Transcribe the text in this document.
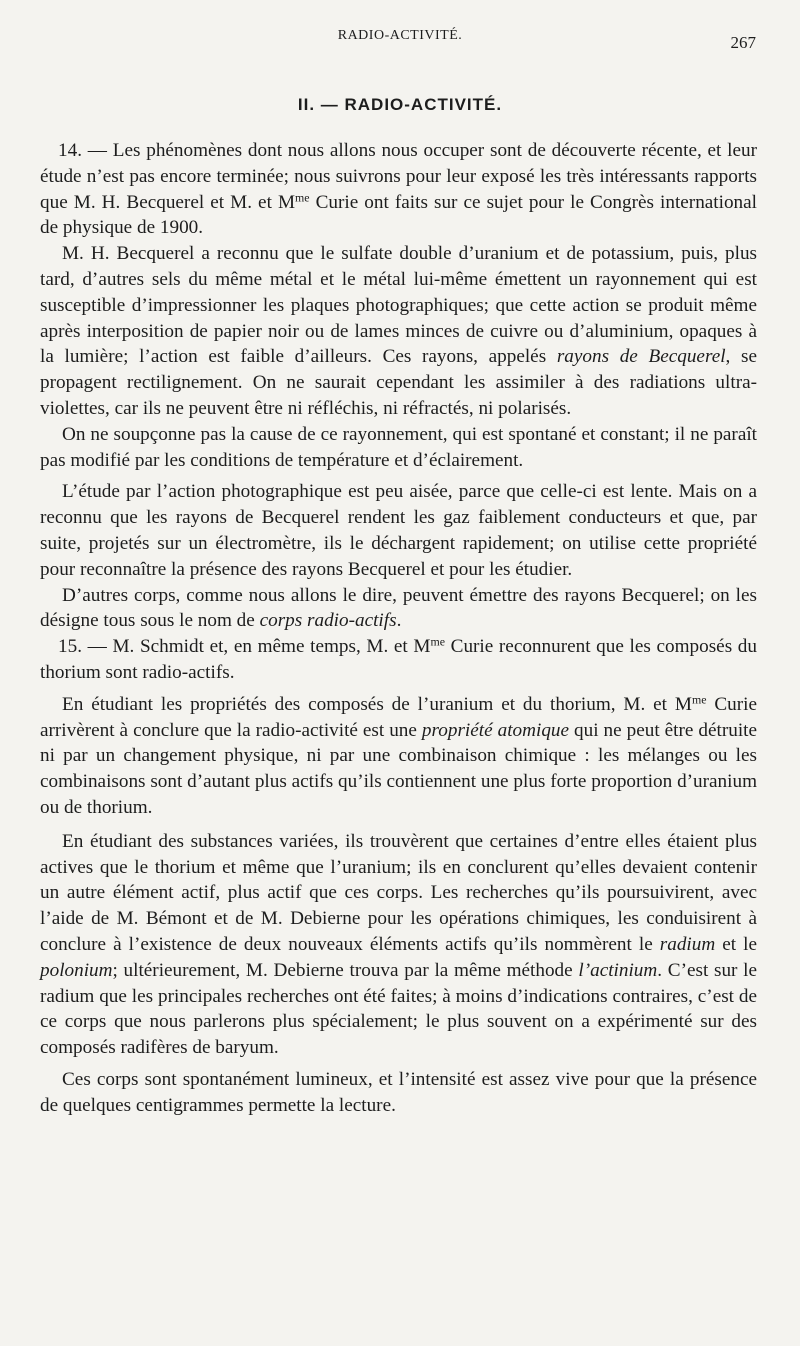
RADIO-ACTIVITÉ.	267
II. — RADIO-ACTIVITÉ.

14. — Les phénomènes dont nous allons nous occuper sont de découverte récente, et leur étude n’est pas encore terminée; nous suivrons pour leur exposé les très intéressants rapports que M. H. Becquerel et M. et $M^{me}$ Curie ont faits sur ce sujet pour le Congrès international de physique de 1900.

M. H. Becquerel a reconnu que le sulfate double d’uranium et de potassium, puis, plus tard, d’autres sels du même métal et le métal lui-même émettent un rayonnement qui est susceptible d’impressionner les plaques photographiques; que cette action se produit même après interposition de papier noir ou de lames minces de cuivre ou d’aluminium, opaques à la lumière; l’action est faible d’ailleurs. Ces rayons, appelés rayons de Becquerel, se propagent rectilignement. On ne saurait cependant les assimiler à des radiations ultra-violettes, car ils ne peuvent être ni réfléchis, ni réfractés, ni polarisés.

On ne soupçonne pas la cause de ce rayonnement, qui est spontané et constant; il ne paraît pas modifié par les conditions de température et d’éclairement.

L’étude par l’action photographique est peu aisée, parce que celle-ci est lente. Mais on a reconnu que les rayons de Becquerel rendent les gaz faiblement conducteurs et que, par suite, projetés sur un électromètre, ils le déchargent rapidement; on utilise cette propriété pour reconnaître la présence des rayons Becquerel et pour les étudier.

D’autres corps, comme nous allons le dire, peuvent émettre des rayons Becquerel; on les désigne tous sous le nom de corps radio-actifs.

15. — M. Schmidt et, en même temps, M. et $M^{me}$ Curie reconnurent que les composés du thorium sont radio-actifs.

En étudiant les propriétés des composés de l’uranium et du thorium, M. et $M^{me}$ Curie arrivèrent à conclure que la radio-activité est une propriété atomique qui ne peut être détruite ni par un changement physique, ni par une combinaison chimique : les mélanges ou les combinaisons sont d’autant plus actifs qu’ils contiennent une plus forte proportion d’uranium ou de thorium.

En étudiant des substances variées, ils trouvèrent que certaines d’entre elles étaient plus actives que le thorium et même que l’uranium; ils en conclurent qu’elles devaient contenir un autre élément actif, plus actif que ces corps. Les recherches qu’ils poursuivirent, avec l’aide de M. Bémont et de M. Debierne pour les opérations chimiques, les conduisirent à conclure à l’existence de deux nouveaux éléments actifs qu’ils nommèrent le radium et le polonium; ultérieurement, M. Debierne trouva par la même méthode l’actinium. C’est sur le radium que les principales recherches ont été faites; à moins d’indications contraires, c’est de ce corps que nous parlerons plus spécialement; le plus souvent on a expérimenté sur des composés radifères de baryum.

Ces corps sont spontanément lumineux, et l’intensité est assez vive pour que la présence de quelques centigrammes permette la lecture.
